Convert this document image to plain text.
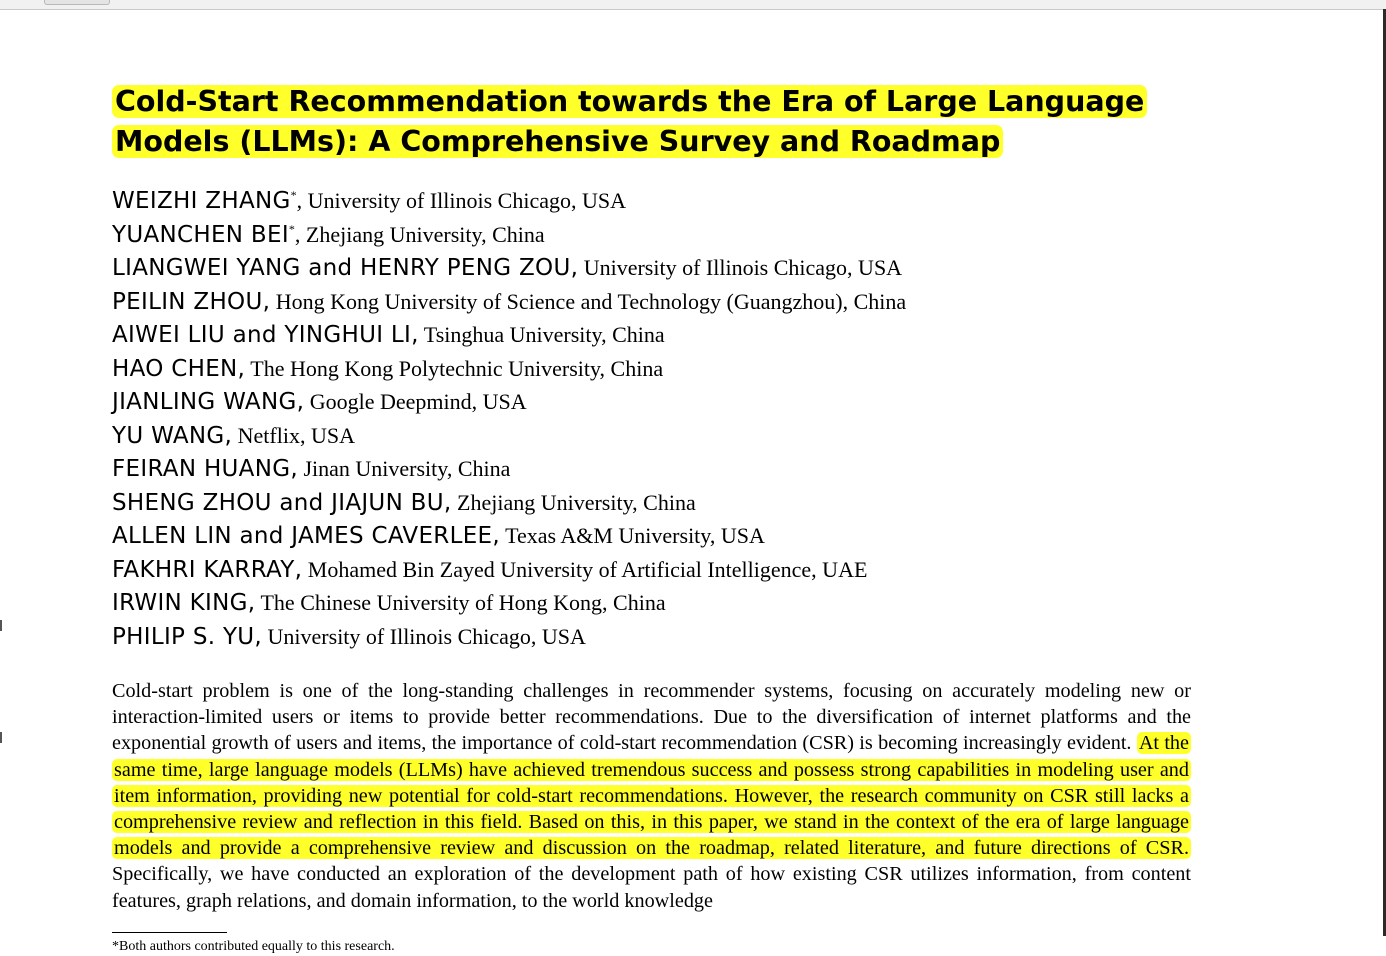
Cold-Start Recommendation towards the Era of Large Language
Models (LLMs): A Comprehensive Survey and Roadmap
WEIZHI ZHANG*, University of Illinois Chicago, USA
YUANCHEN BEI*, Zhejiang University, China
LIANGWEI YANG and HENRY PENG ZOU, University of Illinois Chicago, USA
PEILIN ZHOU, Hong Kong University of Science and Technology (Guangzhou), China
AIWEI LIU and YINGHUI LI, Tsinghua University, China
HAO CHEN, The Hong Kong Polytechnic University, China
JIANLING WANG, Google Deepmind, USA
YU WANG, Netflix, USA
FEIRAN HUANG, Jinan University, China
SHENG ZHOU and JIAJUN BU, Zhejiang University, China
ALLEN LIN and JAMES CAVERLEE, Texas A&M University, USA
FAKHRI KARRAY, Mohamed Bin Zayed University of Artificial Intelligence, UAE
IRWIN KING, The Chinese University of Hong Kong, China
PHILIP S. YU, University of Illinois Chicago, USA

Cold-start problem is one of the long-standing challenges in recommender systems, focusing on accurately modeling new or interaction-limited users or items to provide better recommendations. Due to the diversification of internet platforms and the exponential growth of users and items, the importance of cold-start recommendation (CSR) is becoming increasingly evident. At the same time, large language models (LLMs) have achieved tremendous success and possess strong capabilities in modeling user and item information, providing new potential for cold-start recommendations. However, the research community on CSR still lacks a comprehensive review and reflection in this field. Based on this, in this paper, we stand in the context of the era of large language models and provide a comprehensive review and discussion on the roadmap, related literature, and future directions of CSR. Specifically, we have conducted an exploration of the development path of how existing CSR utilizes information, from content features, graph relations, and domain information, to the world knowledge

*Both authors contributed equally to this research.
